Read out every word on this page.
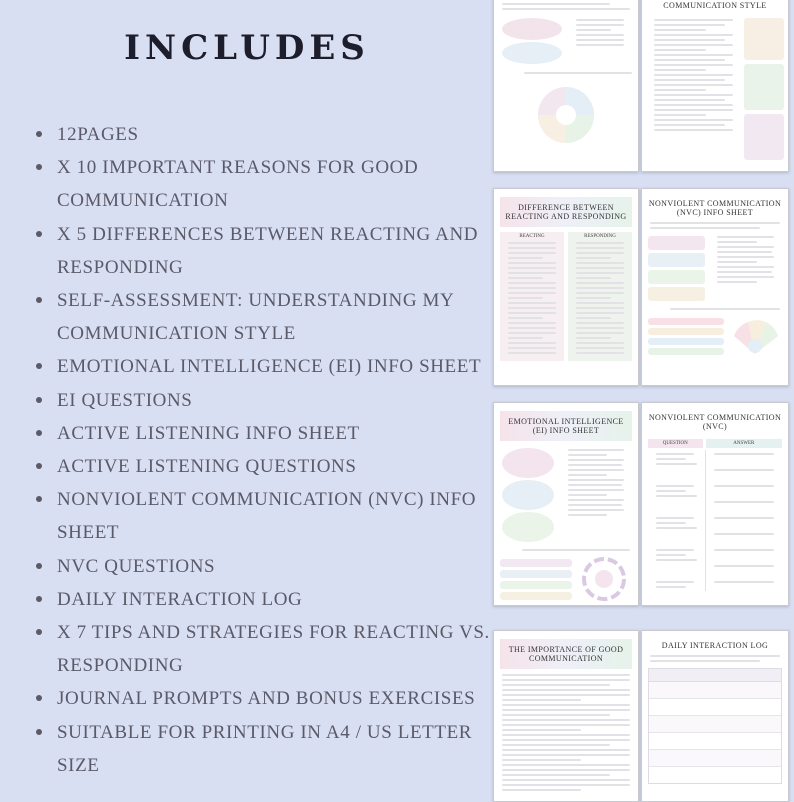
INCLUDES
12PAGES
X 10 IMPORTANT REASONS FOR GOOD COMMUNICATION
X 5 DIFFERENCES BETWEEN REACTING AND RESPONDING
SELF-ASSESSMENT: UNDERSTANDING MY COMMUNICATION STYLE
EMOTIONAL INTELLIGENCE (EI) INFO SHEET
EI QUESTIONS
ACTIVE LISTENING INFO SHEET
ACTIVE LISTENING QUESTIONS
NONVIOLENT COMMUNICATION (NVC) INFO SHEET
NVC QUESTIONS
DAILY INTERACTION LOG
X 7 TIPS AND STRATEGIES FOR REACTING VS. RESPONDING
JOURNAL PROMPTS AND BONUS EXERCISES
SUITABLE FOR PRINTING IN A4 / US LETTER SIZE
COMMUNICATION STYLE
DIFFERENCE BETWEEN REACTING AND RESPONDING
REACTING	RESPONDING
NONVIOLENT COMMUNICATION (NVC) INFO SHEET
EMOTIONAL INTELLIGENCE (EI) INFO SHEET
NONVIOLENT COMMUNICATION (NVC)
QUESTION	ANSWER
THE IMPORTANCE OF GOOD COMMUNICATION
DAILY INTERACTION LOG
